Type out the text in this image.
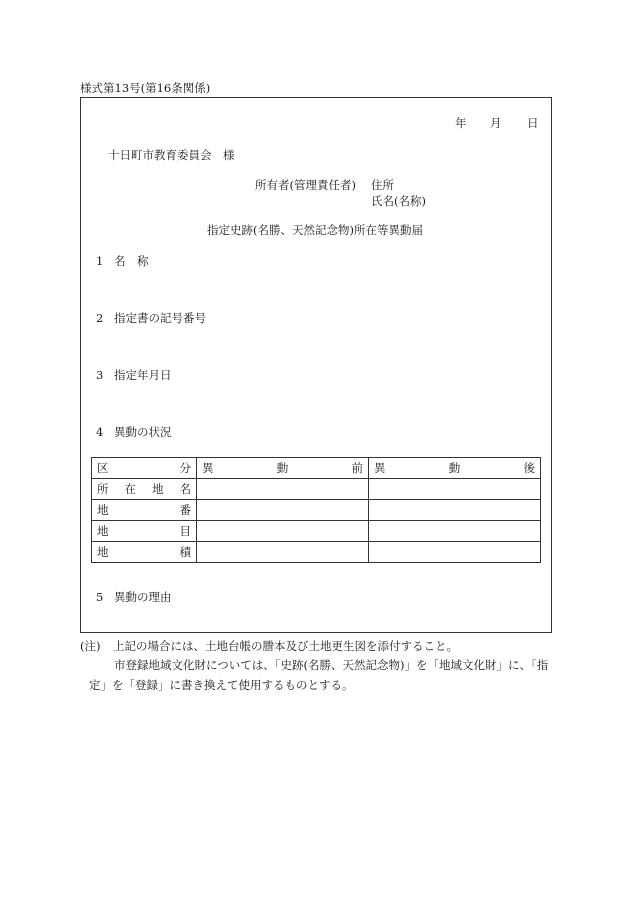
様式第13号(第16条関係)
年	月	日
十日町市教育委員会　様
所有者(管理責任者) 住所
氏名(名称)
指定史跡(名勝、天然記念物)所在等異動届
1 名　称
2 指定書の記号番号
3 指定年月日
4 異動の状況
区 分	異 動 前	異 動 後

所 在 地 名		

地 番		

地 目		

地 積		

5 異動の理由
(注) 上記の場合には、土地台帳の謄本及び土地更生図を添付すること。
市登録地域文化財については、「史跡(名勝、天然記念物)」を「地域文化財」に、「指
定」を「登録」に書き換えて使用するものとする。
